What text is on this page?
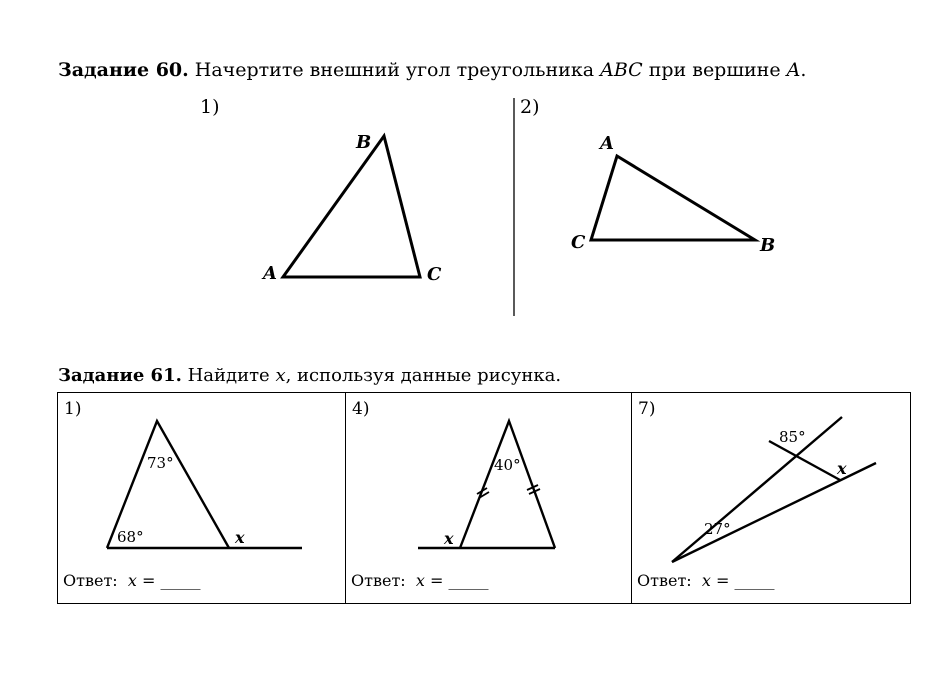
Задание 60. Начертите внешний угол треугольника ABC при вершине A.
1)	2)
A
B
C
A
B
C
Задание 61. Найдите x, используя данные рисунка.
1)
73°
68°	x
Ответ: x = _____
4)
40°
x
Ответ: x = _____
7)
85°
27°
x
Ответ: x = _____
